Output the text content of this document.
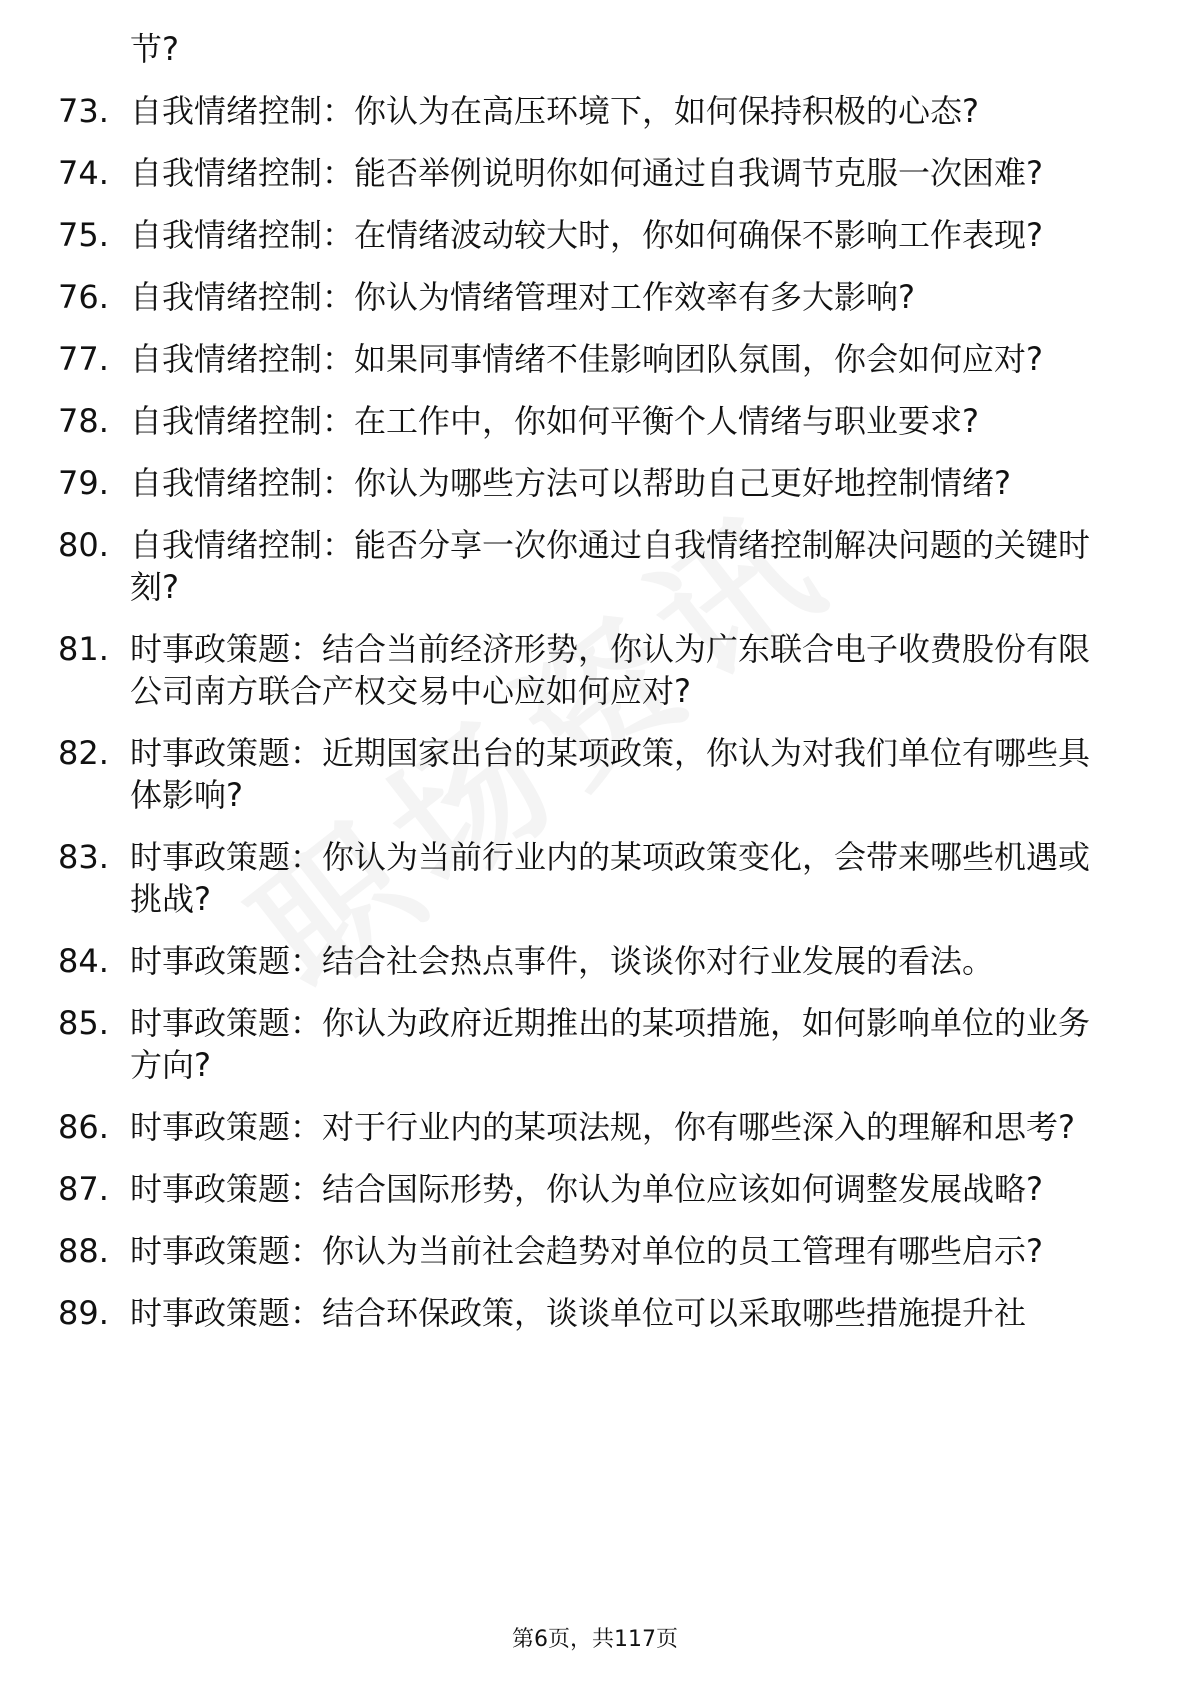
节?
73. 自我情绪控制：你认为在高压环境下，如何保持积极的心态?
74. 自我情绪控制：能否举例说明你如何通过自我调节克服一次困难?
75. 自我情绪控制：在情绪波动较大时，你如何确保不影响工作表现?
76. 自我情绪控制：你认为情绪管理对工作效率有多大影响?
77. 自我情绪控制：如果同事情绪不佳影响团队氛围，你会如何应对?
78. 自我情绪控制：在工作中，你如何平衡个人情绪与职业要求?
79. 自我情绪控制：你认为哪些方法可以帮助自己更好地控制情绪?
80. 自我情绪控制：能否分享一次你通过自我情绪控制解决问题的关键时刻?
81. 时事政策题：结合当前经济形势，你认为广东联合电子收费股份有限公司南方联合产权交易中心应如何应对?
82. 时事政策题：近期国家出台的某项政策，你认为对我们单位有哪些具体影响?
83. 时事政策题：你认为当前行业内的某项政策变化，会带来哪些机遇或挑战?
84. 时事政策题：结合社会热点事件，谈谈你对行业发展的看法。
85. 时事政策题：你认为政府近期推出的某项措施，如何影响单位的业务方向?
86. 时事政策题：对于行业内的某项法规，你有哪些深入的理解和思考?
87. 时事政策题：结合国际形势，你认为单位应该如何调整发展战略?
88. 时事政策题：你认为当前社会趋势对单位的员工管理有哪些启示?
89. 时事政策题：结合环保政策，谈谈单位可以采取哪些措施提升社
第6页，共117页
